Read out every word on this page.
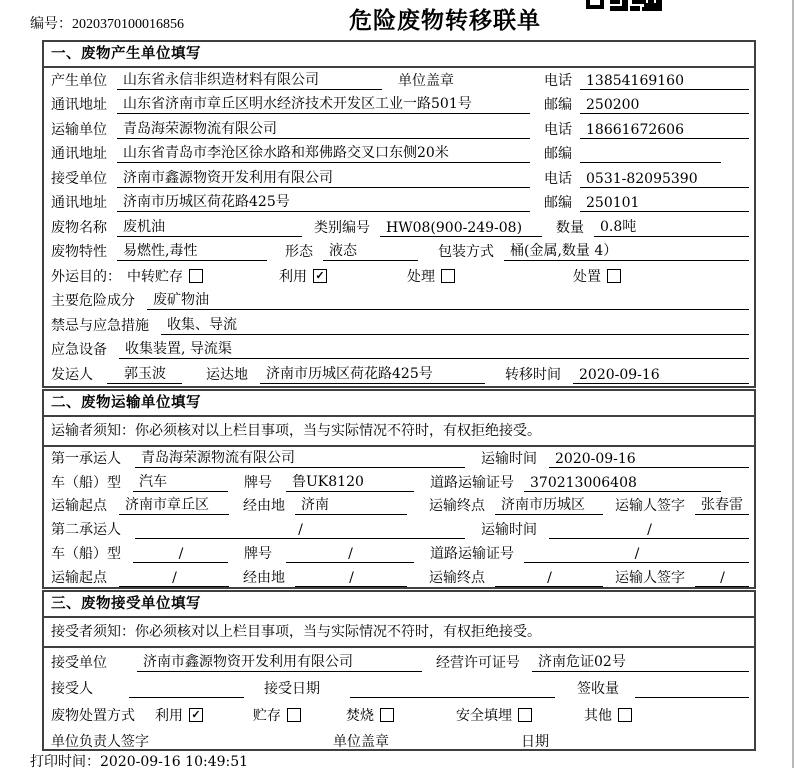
编号：2020370100016856	危险废物转移联单
一、废物产生单位填写
产生单位	山东省永信非织造材料有限公司	单位盖章	电话	13854169160
通讯地址	山东省济南市章丘区明水经济技术开发区工业一路501号	邮编	250200
运输单位	青岛海荣源物流有限公司	电话	18661672606
通讯地址	山东省青岛市李沧区徐水路和郑佛路交叉口东侧20米	邮编
接受单位	济南市鑫源物资开发利用有限公司	电话	0531-82095390
通讯地址	济南市历城区荷花路425号	邮编	250101
废物名称	废机油	类别编号	HW08(900-249-08)	数量	0.8吨
废物特性	易燃性,毒性	形态	液态	包装方式	桶(金属,数量 4）
外运目的： 中转贮存	利用 ✓	处理	处置
主要危险成分	废矿物油
禁忌与应急措施	收集、导流
应急设备	收集装置, 导流渠
发运人	郭玉波	运达地	济南市历城区荷花路425号	转移时间	2020-09-16
二、废物运输单位填写
运输者须知：你必须核对以上栏目事项，当与实际情况不符时，有权拒绝接受。
第一承运人	青岛海荣源物流有限公司	运输时间	2020-09-16
车（船）型	汽车	牌号	鲁UK8120	道路运输证号	370213006408
运输起点	济南市章丘区	经由地	济南	运输终点	济南市历城区	运输人签字	张春雷
第二承运人	/	运输时间	/
车（船）型	/	牌号	/	道路运输证号	/
运输起点	/	经由地	/	运输终点	/	运输人签字	/
三、废物接受单位填写
接受者须知：你必须核对以上栏目事项，当与实际情况不符时，有权拒绝接受。
接受单位	济南市鑫源物资开发利用有限公司	经营许可证号	济南危证02号
接受人	接受日期	签收量
废物处置方式 利用 ✓	贮存	焚烧	安全填埋	其他
单位负责人签字	单位盖章	日期
打印时间：2020-09-16 10:49:51
